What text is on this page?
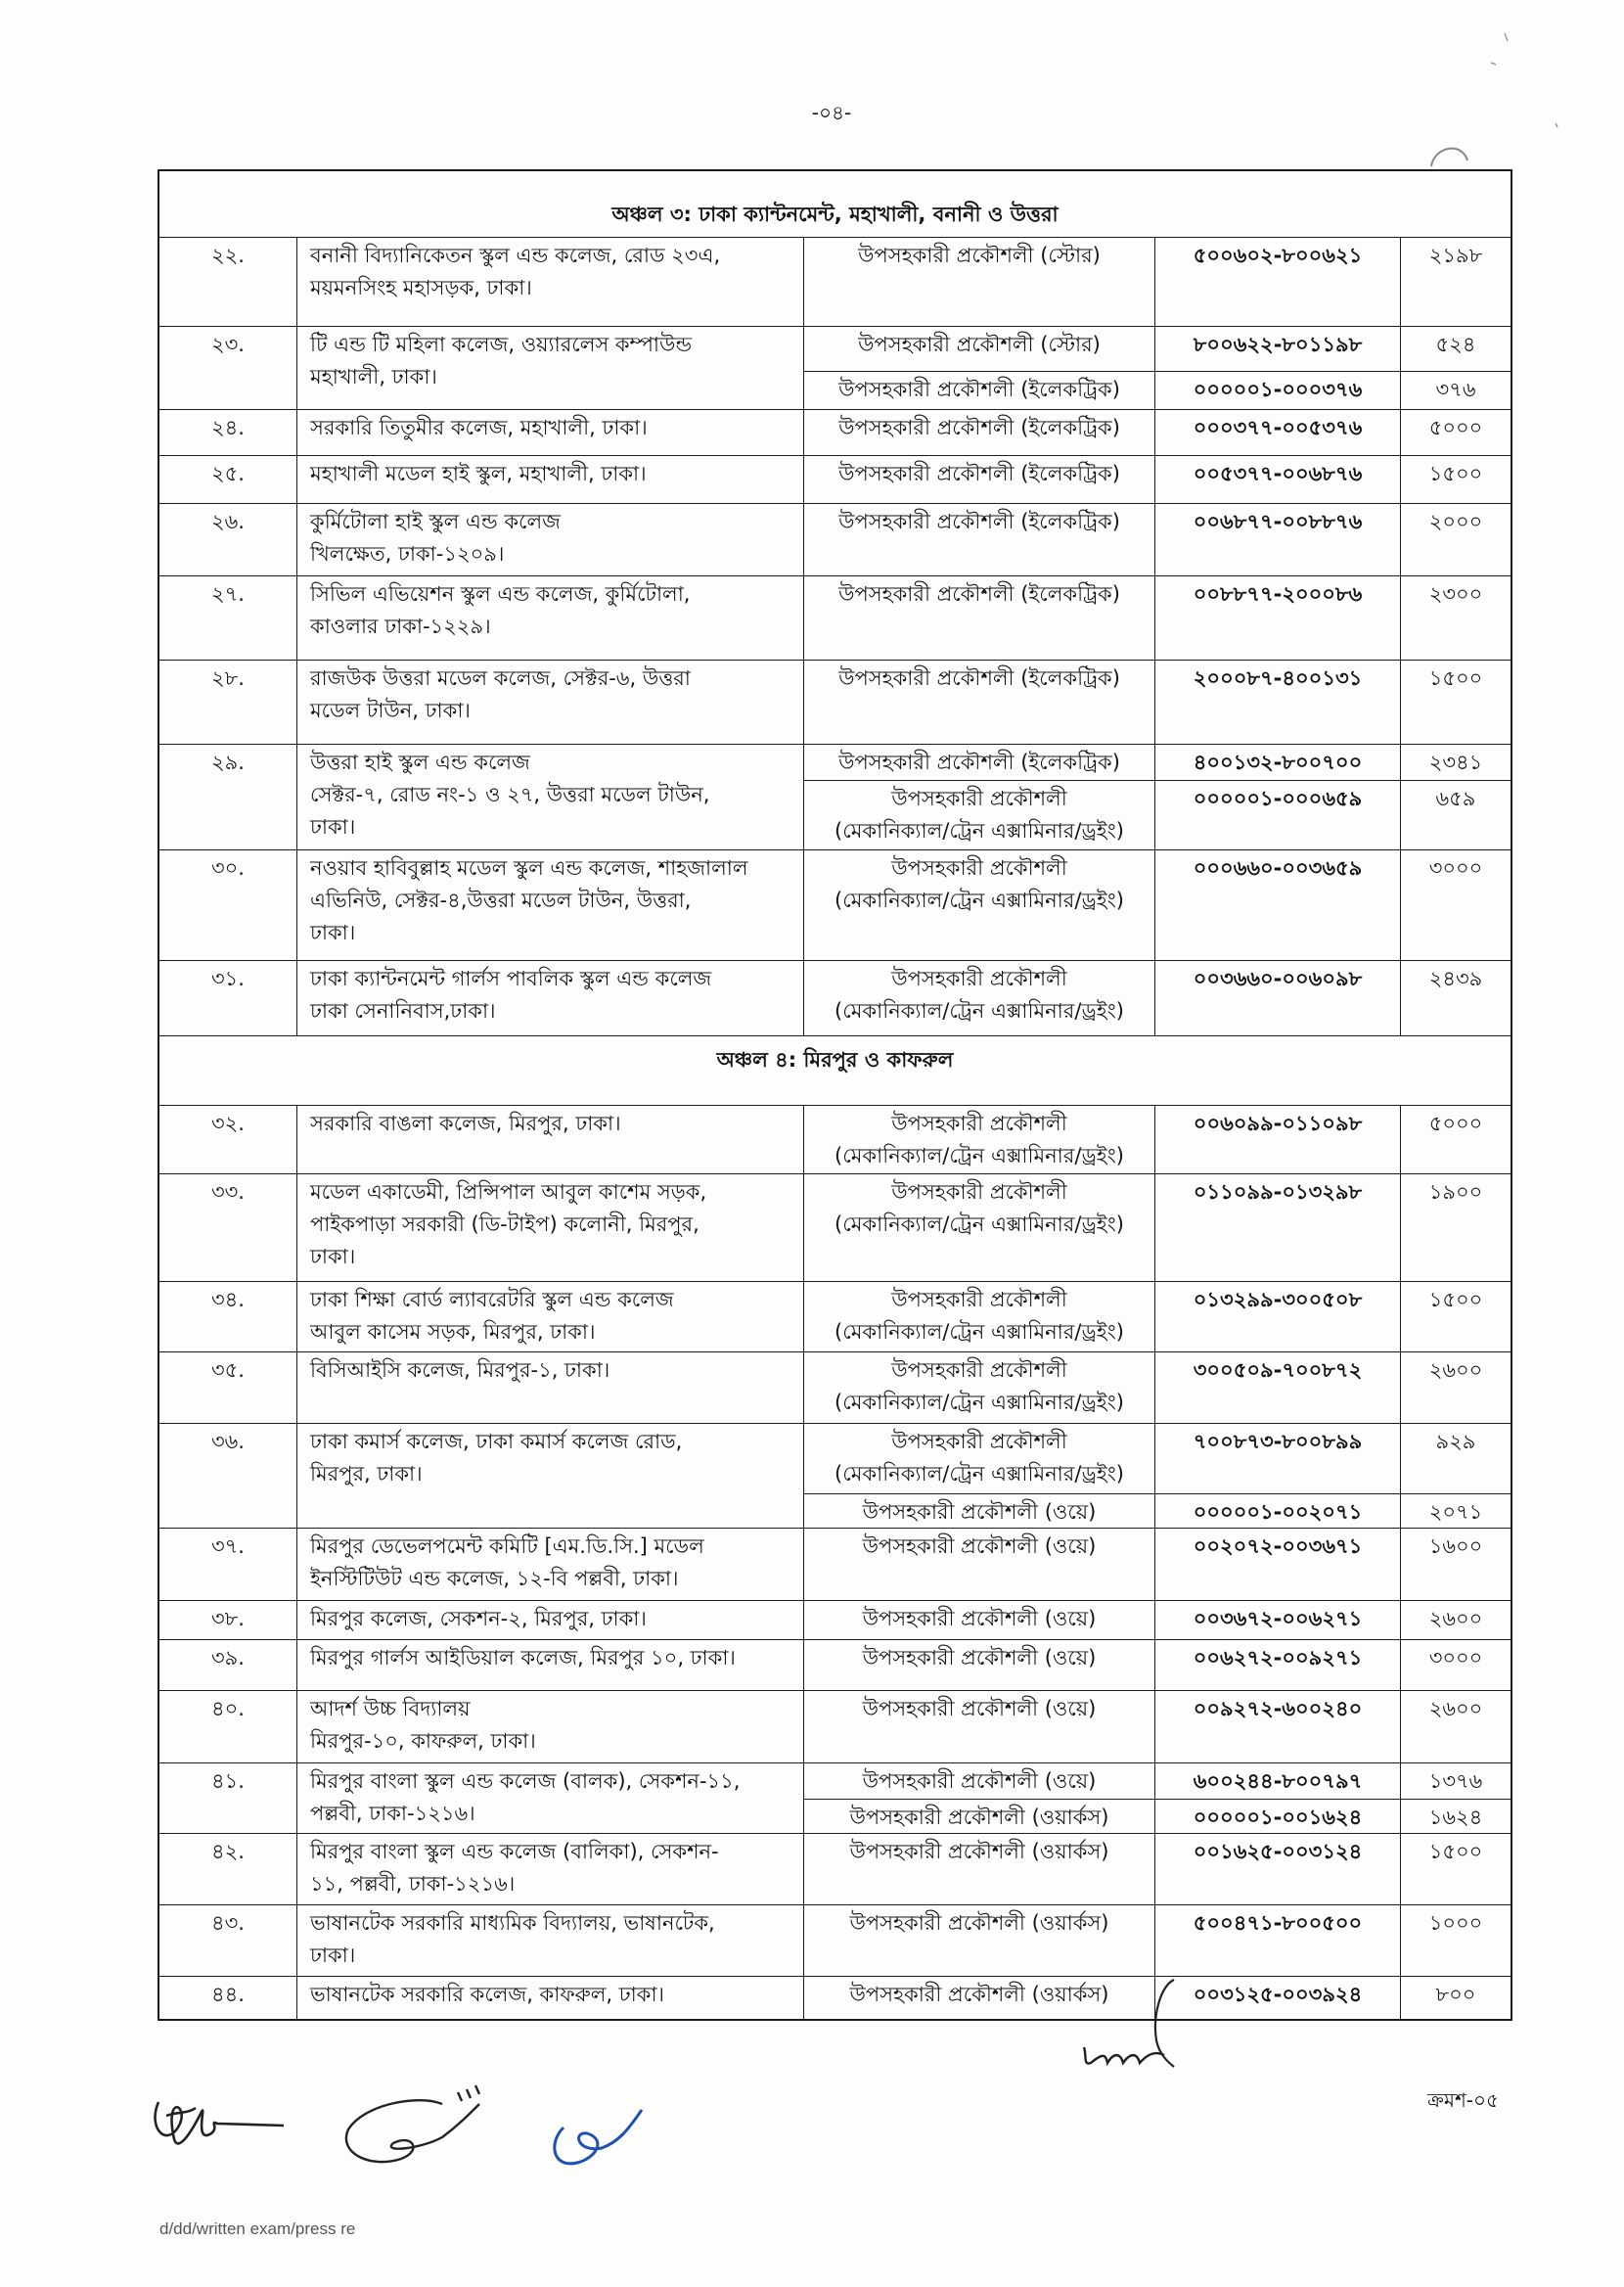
-০৪-
অঞ্চল ৩: ঢাকা ক্যান্টনমেন্ট, মহাখালী, বনানী ও উত্তরা
২২.	বনানী বিদ্যানিকেতন স্কুল এন্ড কলেজ, রোড ২৩এ,
ময়মনসিংহ মহাসড়ক, ঢাকা।
উপসহকারী প্রকৌশলী (স্টোর)	৫০০৬০২-৮০০৬২১	২১৯৮
২৩.	টি এন্ড টি মহিলা কলেজ, ওয়্যারলেস কম্পাউন্ড
মহাখালী, ঢাকা।
উপসহকারী প্রকৌশলী (স্টোর)	৮০০৬২২-৮০১১৯৮	৫২৪
উপসহকারী প্রকৌশলী (ইলেকট্রিক)	০০০০০১-০০০৩৭৬	৩৭৬
২৪.	সরকারি তিতুমীর কলেজ, মহাখালী, ঢাকা।	উপসহকারী প্রকৌশলী (ইলেকট্রিক)	০০০৩৭৭-০০৫৩৭৬	৫০০০
২৫.	মহাখালী মডেল হাই স্কুল, মহাখালী, ঢাকা।	উপসহকারী প্রকৌশলী (ইলেকট্রিক)	০০৫৩৭৭-০০৬৮৭৬	১৫০০
২৬.	কুর্মিটোলা হাই স্কুল এন্ড কলেজ
খিলক্ষেত, ঢাকা-১২০৯।
উপসহকারী প্রকৌশলী (ইলেকট্রিক)	০০৬৮৭৭-০০৮৮৭৬	২০০০
২৭.	সিভিল এভিয়েশন স্কুল এন্ড কলেজ, কুর্মিটোলা,
কাওলার ঢাকা-১২২৯।
উপসহকারী প্রকৌশলী (ইলেকট্রিক)	০০৮৮৭৭-২০০০৮৬	২৩০০
২৮.	রাজউক উত্তরা মডেল কলেজ, সেক্টর-৬, উত্তরা
মডেল টাউন, ঢাকা।
উপসহকারী প্রকৌশলী (ইলেকট্রিক)	২০০০৮৭-৪০০১৩১	১৫০০
২৯.	উত্তরা হাই স্কুল এন্ড কলেজ
সেক্টর-৭, রোড নং-১ ও ২৭, উত্তরা মডেল টাউন,
ঢাকা।
উপসহকারী প্রকৌশলী (ইলেকট্রিক)	৪০০১৩২-৮০০৭০০	২৩৪১
উপসহকারী প্রকৌশলী
(মেকানিক্যাল/ট্রেন এক্সামিনার/ড্রইং)
০০০০০১-০০০৬৫৯	৬৫৯
৩০.	নওয়াব হাবিবুল্লাহ মডেল স্কুল এন্ড কলেজ, শাহজালাল
এভিনিউ, সেক্টর-৪,উত্তরা মডেল টাউন, উত্তরা,
ঢাকা।
উপসহকারী প্রকৌশলী
(মেকানিক্যাল/ট্রেন এক্সামিনার/ড্রইং)
০০০৬৬০-০০৩৬৫৯	৩০০০
৩১.	ঢাকা ক্যান্টনমেন্ট গার্লস পাবলিক স্কুল এন্ড কলেজ
ঢাকা সেনানিবাস,ঢাকা।
উপসহকারী প্রকৌশলী
(মেকানিক্যাল/ট্রেন এক্সামিনার/ড্রইং)
০০৩৬৬০-০০৬০৯৮	২৪৩৯
অঞ্চল ৪: মিরপুর ও কাফরুল
৩২.	সরকারি বাঙলা কলেজ, মিরপুর, ঢাকা।	উপসহকারী প্রকৌশলী
(মেকানিক্যাল/ট্রেন এক্সামিনার/ড্রইং)
০০৬০৯৯-০১১০৯৮	৫০০০
৩৩.	মডেল একাডেমী, প্রিন্সিপাল আবুল কাশেম সড়ক,
পাইকপাড়া সরকারী (ডি-টাইপ) কলোনী, মিরপুর,
ঢাকা।
উপসহকারী প্রকৌশলী
(মেকানিক্যাল/ট্রেন এক্সামিনার/ড্রইং)
০১১০৯৯-০১৩২৯৮	১৯০০
৩৪.	ঢাকা শিক্ষা বোর্ড ল্যাবরেটরি স্কুল এন্ড কলেজ
আবুল কাসেম সড়ক, মিরপুর, ঢাকা।
উপসহকারী প্রকৌশলী
(মেকানিক্যাল/ট্রেন এক্সামিনার/ড্রইং)
০১৩২৯৯-৩০০৫০৮	১৫০০
৩৫.	বিসিআইসি কলেজ, মিরপুর-১, ঢাকা।	উপসহকারী প্রকৌশলী
(মেকানিক্যাল/ট্রেন এক্সামিনার/ড্রইং)
৩০০৫০৯-৭০০৮৭২	২৬০০
৩৬.	ঢাকা কমার্স কলেজ, ঢাকা কমার্স কলেজ রোড,
মিরপুর, ঢাকা।
উপসহকারী প্রকৌশলী
(মেকানিক্যাল/ট্রেন এক্সামিনার/ড্রইং)
৭০০৮৭৩-৮০০৮৯৯	৯২৯
উপসহকারী প্রকৌশলী (ওয়ে)	০০০০০১-০০২০৭১	২০৭১
৩৭.	মিরপুর ডেভেলপমেন্ট কমিটি [এম.ডি.সি.] মডেল
ইনস্টিটিউট এন্ড কলেজ, ১২-বি পল্লবী, ঢাকা।
উপসহকারী প্রকৌশলী (ওয়ে)	০০২০৭২-০০৩৬৭১	১৬০০
৩৮.	মিরপুর কলেজ, সেকশন-২, মিরপুর, ঢাকা।	উপসহকারী প্রকৌশলী (ওয়ে)	০০৩৬৭২-০০৬২৭১	২৬০০
৩৯.	মিরপুর গার্লস আইডিয়াল কলেজ, মিরপুর ১০, ঢাকা।	উপসহকারী প্রকৌশলী (ওয়ে)	০০৬২৭২-০০৯২৭১	৩০০০
৪০.	আদর্শ উচ্চ বিদ্যালয়
মিরপুর-১০, কাফরুল, ঢাকা।
উপসহকারী প্রকৌশলী (ওয়ে)	০০৯২৭২-৬০০২৪০	২৬০০
৪১.	মিরপুর বাংলা স্কুল এন্ড কলেজ (বালক), সেকশন-১১,
পল্লবী, ঢাকা-১২১৬।
উপসহকারী প্রকৌশলী (ওয়ে)	৬০০২৪৪-৮০০৭৯৭	১৩৭৬
উপসহকারী প্রকৌশলী (ওয়ার্কস)	০০০০০১-০০১৬২৪	১৬২৪
৪২.	মিরপুর বাংলা স্কুল এন্ড কলেজ (বালিকা), সেকশন-
১১, পল্লবী, ঢাকা-১২১৬।
উপসহকারী প্রকৌশলী (ওয়ার্কস)	০০১৬২৫-০০৩১২৪	১৫০০
৪৩.	ভাষানটেক সরকারি মাধ্যমিক বিদ্যালয়, ভাষানটেক,
ঢাকা।
উপসহকারী প্রকৌশলী (ওয়ার্কস)	৫০০৪৭১-৮০০৫০০	১০০০
৪৪.	ভাষানটেক সরকারি কলেজ, কাফরুল, ঢাকা।	উপসহকারী প্রকৌশলী (ওয়ার্কস)	০০৩১২৫-০০৩৯২৪	৮০০
ক্রমশ-০৫
d/dd/written exam/press re
